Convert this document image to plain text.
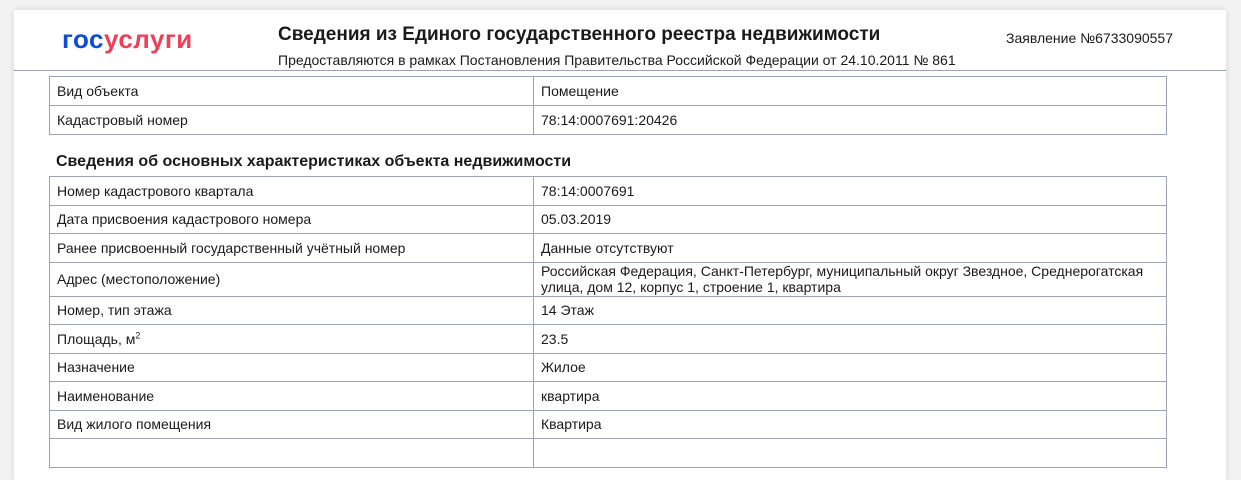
госуслуги	Сведения из Единого государственного реестра недвижимости
Предоставляются в рамках Постановления Правительства Российской Федерации от 24.10.2011 № 861
Заявление №6733090557
Вид объекта	Помещение
Кадастровый номер	78:14:0007691:20426
Сведения об основных характеристиках объекта недвижимости
Номер кадастрового квартала	78:14:0007691
Дата присвоения кадастрового номера	05.03.2019
Ранее присвоенный государственный учётный номер	Данные отсутствуют
Адрес (местоположение)	Российская Федерация, Санкт-Петербург, муниципальный округ Звездное, Среднерогатская улица, дом 12, корпус 1, строение 1, квартира
Номер, тип этажа	14 Этаж
Площадь, $м^2$	23.5
Назначение	Жилое
Наименование	квартира
Вид жилого помещения	Квартира
